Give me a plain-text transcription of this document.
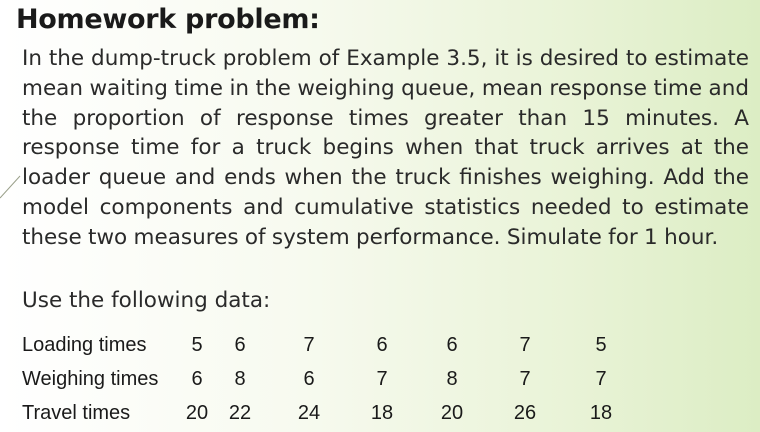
Homework problem:
In the dump-truck problem of Example 3.5, it is desired to estimate mean waiting time in the weighing queue, mean response time and the proportion of response times greater than 15 minutes. A response time for a truck begins when that truck arrives at the loader queue and ends when the truck finishes weighing. Add the model components and cumulative statistics needed to estimate these two measures of system performance. Simulate for 1 hour.
Use the following data:
Loading times	5	6	7	6	6	7	5
Weighing times	6	8	6	7	8	7	7
Travel times	20	22	24	18	20	26	18
